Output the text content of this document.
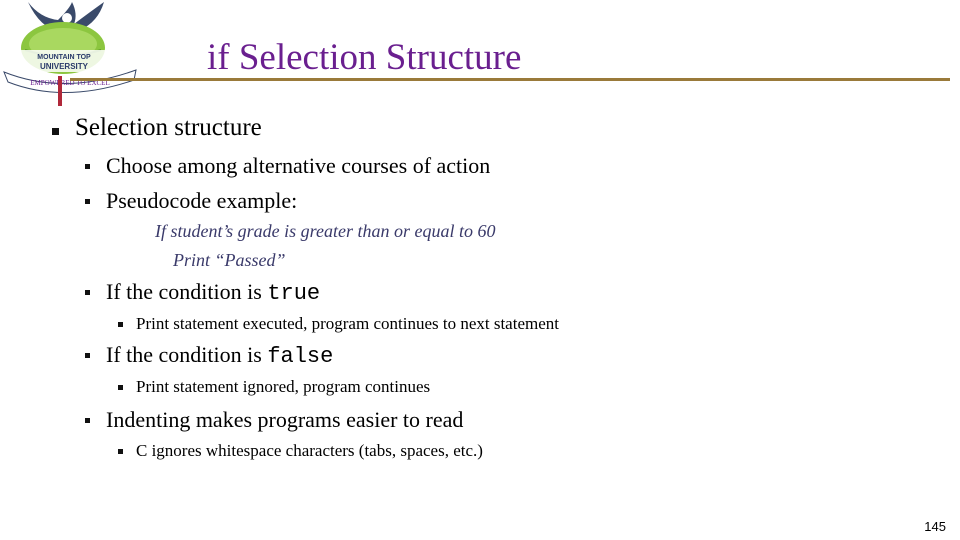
MOUNTAIN TOP
UNIVERSITY
EMPOWERED TO EXCEL
if Selection Structure
Selection structure
Choose among alternative courses of action
Pseudocode example:
If student’s grade is greater than or equal to 60
Print “Passed”
If the condition is true
Print statement executed, program continues to next statement
If the condition is false
Print statement ignored, program continues
Indenting makes programs easier to read
C ignores whitespace characters (tabs, spaces, etc.)
145
